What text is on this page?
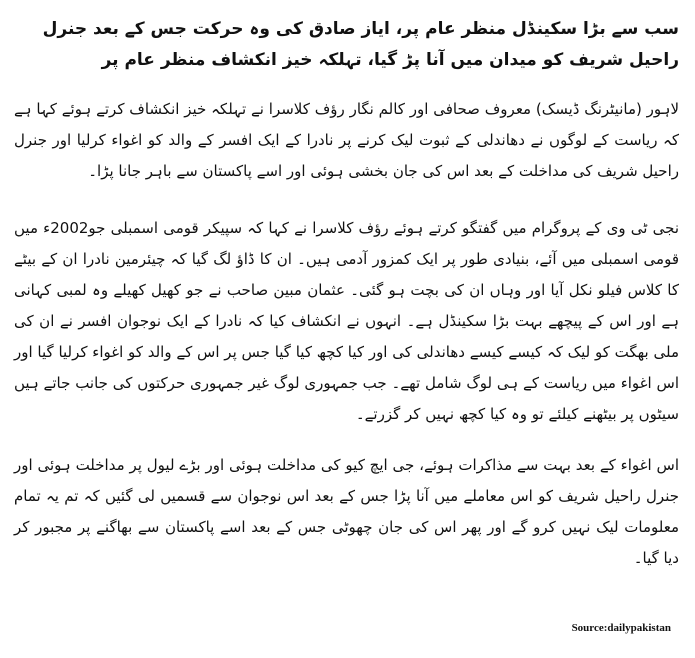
سب سے بڑا سکینڈل منظر عام پر، ایاز صادق کی وہ حرکت جس کے بعد جنرل راحیل شریف کو میدان میں آنا پڑ گیا، تہلکہ خیز انکشاف منظر عام پر

لاہور (مانیٹرنگ ڈیسک) معروف صحافی اور کالم نگار رؤف کلاسرا نے تہلکہ خیز انکشاف کرتے ہوئے کہا ہے کہ ریاست کے لوگوں نے دھاندلی کے ثبوت لیک کرنے پر نادرا کے ایک افسر کے والد کو اغواء کرلیا اور جنرل راحیل شریف کی مداخلت کے بعد اس کی جان بخشی ہوئی اور اسے پاکستان سے باہر جانا پڑا۔

نجی ٹی وی کے پروگرام میں گفتگو کرتے ہوئے رؤف کلاسرا نے کہا کہ سپیکر قومی اسمبلی جو2002ء میں قومی اسمبلی میں آئے، بنیادی طور پر ایک کمزور آدمی ہیں۔ ان کا ڈاؤ لگ گیا کہ چیئرمین نادرا ان کے بیٹے کا کلاس فیلو نکل آیا اور وہاں ان کی بچت ہو گئی۔ عثمان مبین صاحب نے جو کھیل کھیلے وہ لمبی کہانی ہے اور اس کے پیچھے بہت بڑا سکینڈل ہے۔ انہوں نے انکشاف کیا کہ نادرا کے ایک نوجوان افسر نے ان کی ملی بھگت کو لیک کہ کیسے کیسے دھاندلی کی اور کیا کچھ کیا گیا جس پر اس کے والد کو اغواء کرلیا گیا اور اس اغواء میں ریاست کے ہی لوگ شامل تھے۔ جب جمہوری لوگ غیر جمہوری حرکتوں کی جانب جاتے ہیں سیٹوں پر بیٹھنے کیلئے تو وہ کیا کچھ نہیں کر گزرتے۔

اس اغواء کے بعد بہت سے مذاکرات ہوئے، جی ایچ کیو کی مداخلت ہوئی اور بڑے لیول پر مداخلت ہوئی اور جنرل راحیل شریف کو اس معاملے میں آنا پڑا جس کے بعد اس نوجوان سے قسمیں لی گئیں کہ تم یہ تمام معلومات لیک نہیں کرو گے اور پھر اس کی جان چھوٹی جس کے بعد اسے پاکستان سے بھاگنے پر مجبور کر دیا گیا۔

Source:dailypakistan
